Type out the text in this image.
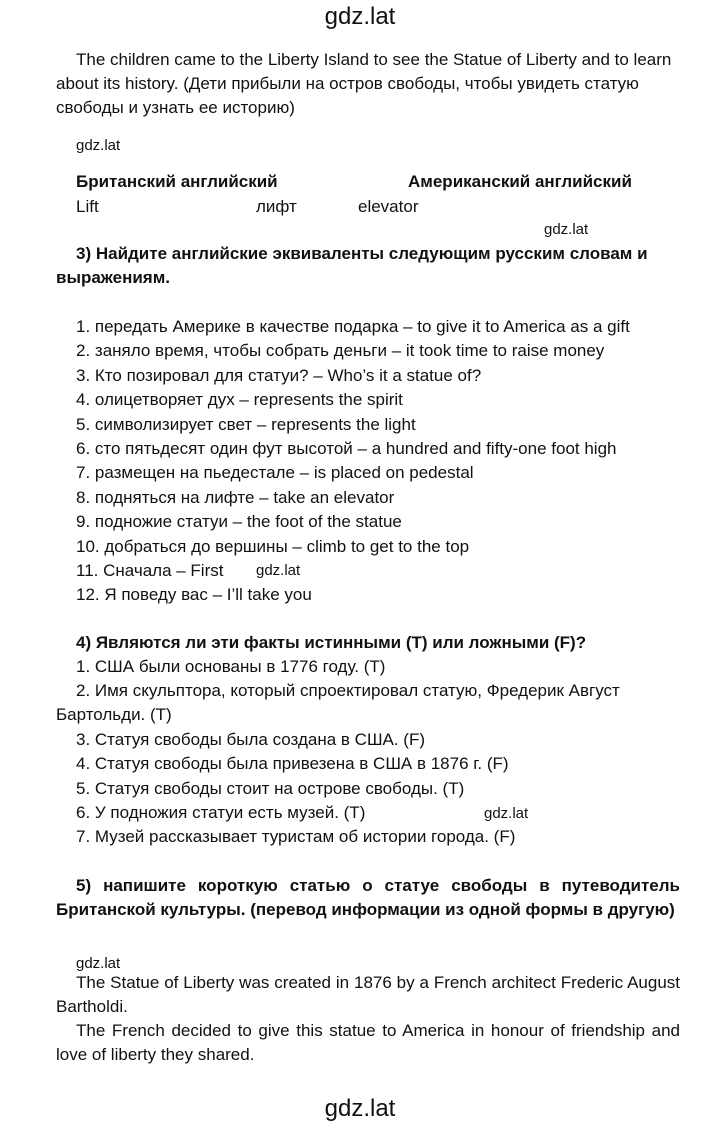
gdz.lat
The children came to the Liberty Island to see the Statue of Liberty and to learn about its history. (Дети прибыли на остров свободы, чтобы увидеть статую свободы и узнать ее историю)
gdz.lat
Британский английский	Американский английский
Lift	лифт	elevator
gdz.lat
3) Найдите английские эквиваленты следующим русским словам и выражениям.
1. передать Америке в качестве подарка – to give it to America as a gift
2. заняло время, чтобы собрать деньги – it took time to raise money
3. Кто позировал для статуи? – Who’s it a statue of?
4. олицетворяет дух – represents the spirit
5. символизирует свет – represents the light
6. сто пятьдесят один фут высотой – a hundred and fifty-one foot high
7. размещен на пьедестале – is placed on pedestal
8. подняться на лифте – take an elevator
9. подножие статуи – the foot of the statue
10. добраться до вершины – climb to get to the top
11. Сначала – First
12. Я поведу вас – I’ll take you
gdz.lat
4) Являются ли эти факты истинными (T) или ложными (F)?
1. США были основаны в 1776 году. (T)
2. Имя скульптора, который спроектировал статую, Фредерик Август Бартольди. (T)
3. Статуя свободы была создана в США. (F)
4. Статуя свободы была привезена в США в 1876 г. (F)
5. Статуя свободы стоит на острове свободы. (T)
6. У подножия статуи есть музей. (T)	gdz.lat
7. Музей рассказывает туристам об истории города. (F)
5) напишите короткую статью о статуе свободы в путеводитель Британской культуры. (перевод информации из одной формы в другую)
gdz.lat
The Statue of Liberty was created in 1876 by a French architect Frederic August Bartholdi.
The French decided to give this statue to America in honour of friendship and love of liberty they shared.
gdz.lat
